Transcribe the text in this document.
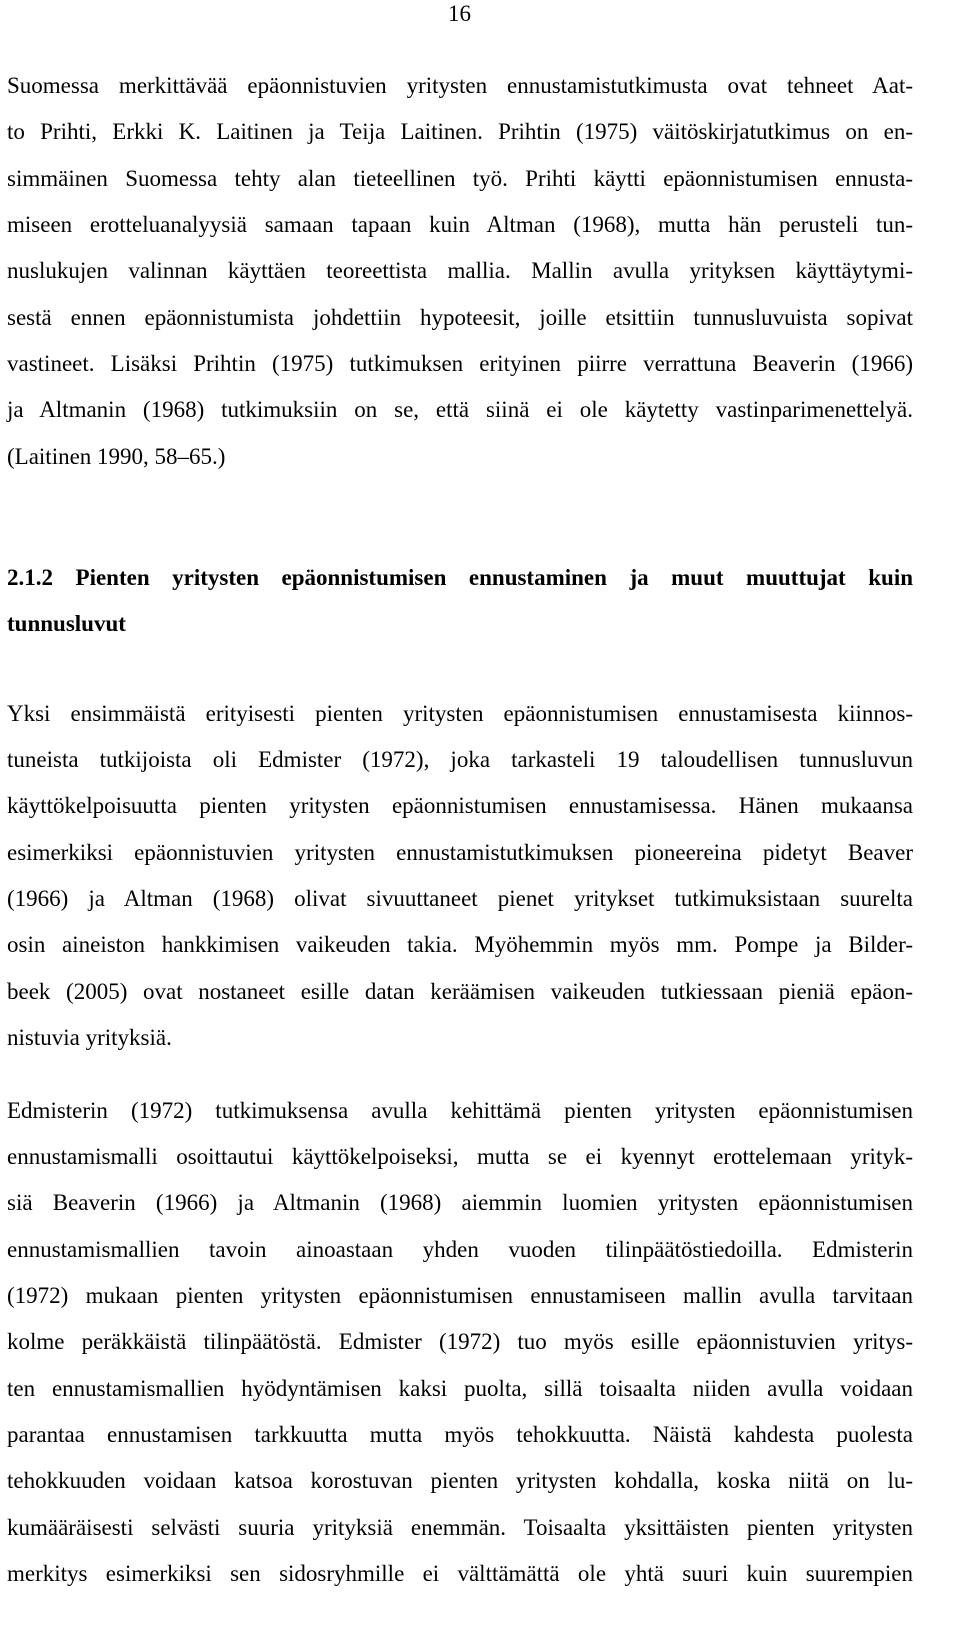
16
Suomessa merkittävää epäonnistuvien yritysten ennustamistutkimusta ovat tehneet Aat-
to Prihti, Erkki K. Laitinen ja Teija Laitinen. Prihtin (1975) väitöskirjatutkimus on en-
simmäinen Suomessa tehty alan tieteellinen työ. Prihti käytti epäonnistumisen ennusta-
miseen erotteluanalyysiä samaan tapaan kuin Altman (1968), mutta hän perusteli tun-
nuslukujen valinnan käyttäen teoreettista mallia. Mallin avulla yrityksen käyttäytymi-
sestä ennen epäonnistumista johdettiin hypoteesit, joille etsittiin tunnusluvuista sopivat
vastineet. Lisäksi Prihtin (1975) tutkimuksen erityinen piirre verrattuna Beaverin (1966)
ja Altmanin (1968) tutkimuksiin on se, että siinä ei ole käytetty vastinparimenettelyä.
(Laitinen 1990, 58–65.)
2.1.2 Pienten yritysten epäonnistumisen ennustaminen ja muut muuttujat kuin
tunnusluvut
Yksi ensimmäistä erityisesti pienten yritysten epäonnistumisen ennustamisesta kiinnos-
tuneista tutkijoista oli Edmister (1972), joka tarkasteli 19 taloudellisen tunnusluvun
käyttökelpoisuutta pienten yritysten epäonnistumisen ennustamisessa. Hänen mukaansa
esimerkiksi epäonnistuvien yritysten ennustamistutkimuksen pioneereina pidetyt Beaver
(1966) ja Altman (1968) olivat sivuuttaneet pienet yritykset tutkimuksistaan suurelta
osin aineiston hankkimisen vaikeuden takia. Myöhemmin myös mm. Pompe ja Bilder-
beek (2005) ovat nostaneet esille datan keräämisen vaikeuden tutkiessaan pieniä epäon-
nistuvia yrityksiä.
Edmisterin (1972) tutkimuksensa avulla kehittämä pienten yritysten epäonnistumisen
ennustamismalli osoittautui käyttökelpoiseksi, mutta se ei kyennyt erottelemaan yrityk-
siä Beaverin (1966) ja Altmanin (1968) aiemmin luomien yritysten epäonnistumisen
ennustamismallien tavoin ainoastaan yhden vuoden tilinpäätöstiedoilla. Edmisterin
(1972) mukaan pienten yritysten epäonnistumisen ennustamiseen mallin avulla tarvitaan
kolme peräkkäistä tilinpäätöstä. Edmister (1972) tuo myös esille epäonnistuvien yritys-
ten ennustamismallien hyödyntämisen kaksi puolta, sillä toisaalta niiden avulla voidaan
parantaa ennustamisen tarkkuutta mutta myös tehokkuutta. Näistä kahdesta puolesta
tehokkuuden voidaan katsoa korostuvan pienten yritysten kohdalla, koska niitä on lu-
kumääräisesti selvästi suuria yrityksiä enemmän. Toisaalta yksittäisten pienten yritysten
merkitys esimerkiksi sen sidosryhmille ei välttämättä ole yhtä suuri kuin suurempien
